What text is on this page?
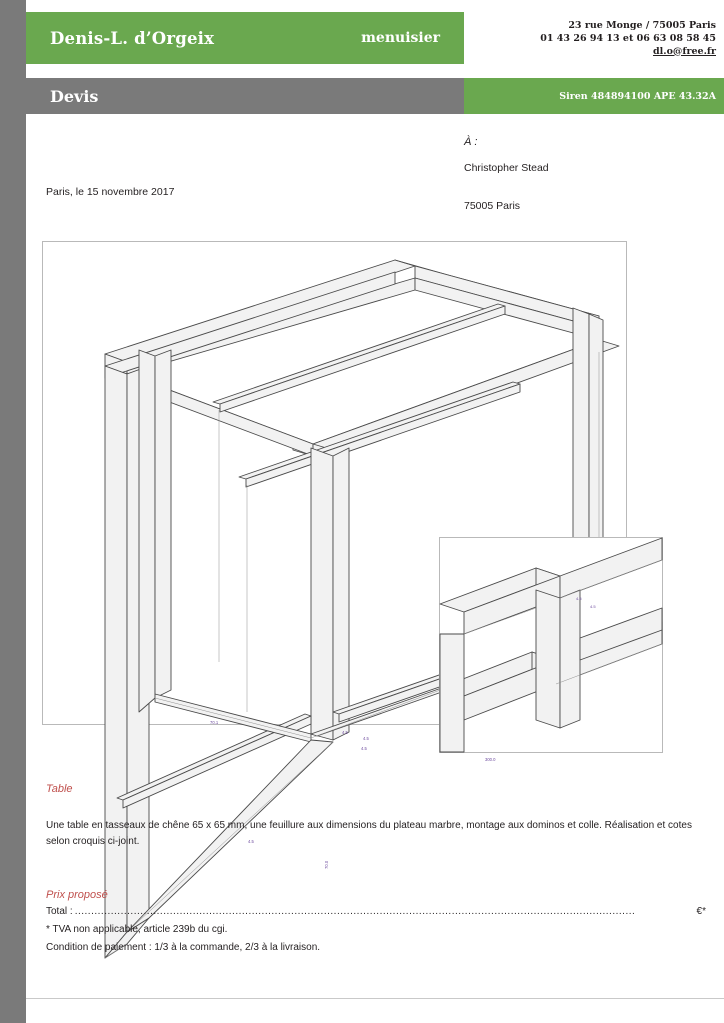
Denis-L. d’Orgeix	menuisier
23 rue Monge / 75005 Paris
01 43 26 94 13 et 06 63 08 58 45
dl.o@free.fr
Devis	Siren 484894100 APE 43.32A
À :
Christopher Stead
75005 Paris
Paris, le 15 novembre 2017
70.1
4.5
4.5
4.5
300.0
4.5
70.0
4.5
4.5
Table
Une table en tasseaux de chêne 65 x 65 mm, une feuillure aux dimensions du plateau marbre, montage aux dominos et colle. Réalisation et cotes selon croquis ci-joint.
Prix proposé
Total : ...........................................................................................................................................................................	€*
* TVA non applicable, article 239b du cgi.
Condition de paiement : 1/3 à la commande, 2/3 à la livraison.
